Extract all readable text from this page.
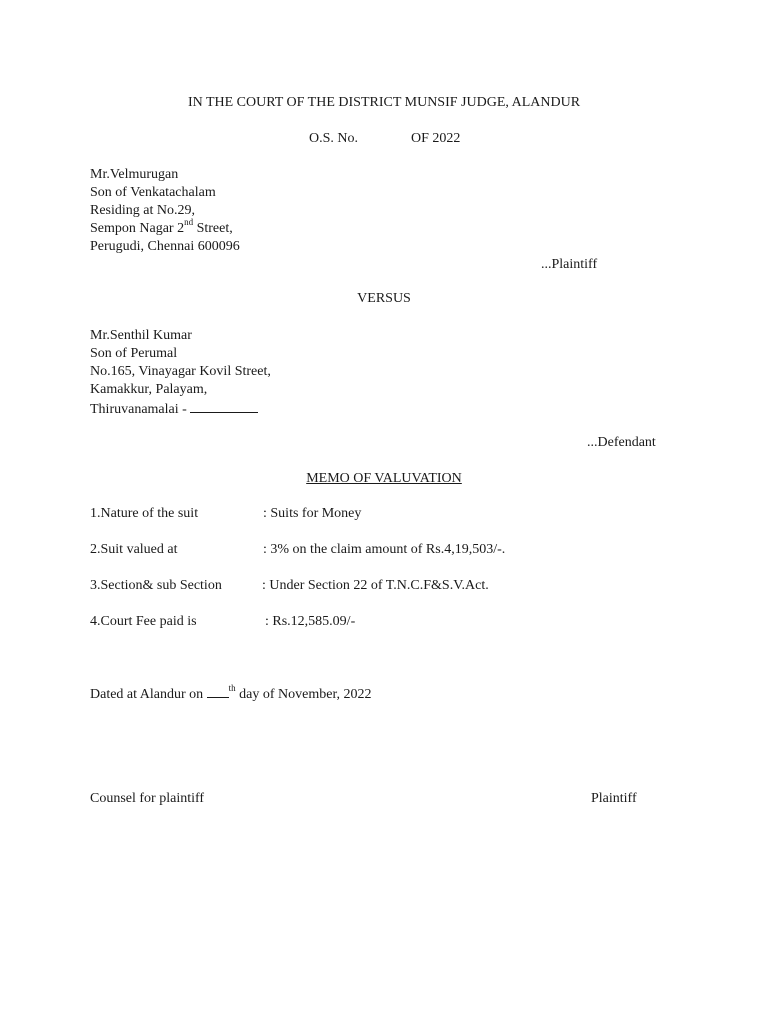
IN THE COURT OF THE DISTRICT MUNSIF JUDGE, ALANDUR
O.S. No.	OF 2022
Mr.Velmurugan
Son of Venkatachalam
Residing at No.29,
Sempon Nagar 2nd Street,
Perugudi, Chennai 600096
...Plaintiff
VERSUS
Mr.Senthil Kumar
Son of Perumal
No.165, Vinayagar Kovil Street,
Kamakkur, Palayam,
Thiruvanamalai -
...Defendant
MEMO OF VALUVATION
1.Nature of the suit	: Suits for Money
2.Suit valued at	: 3% on the claim amount of Rs.4,19,503/-.
3.Section& sub Section	: Under Section 22 of T.N.C.F&S.V.Act.
4.Court Fee paid is	: Rs.12,585.09/-
Dated at Alandur on $^{th}$ day of November, 2022
Counsel for plaintiff	Plaintiff
